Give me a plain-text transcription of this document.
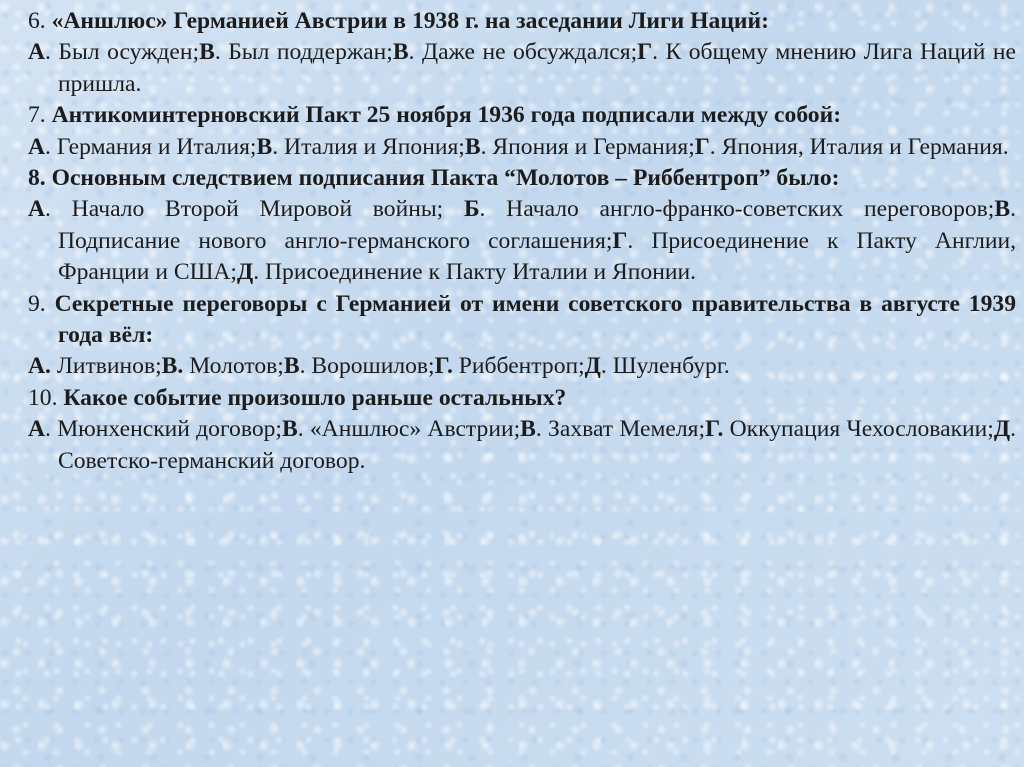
6. «Аншлюс» Германией Австрии в 1938 г. на заседании Лиги Наций:

А. Был осужден;В. Был поддержан;В. Даже не обсуждался;Г. К общему мнению Лига Наций не пришла.

7. Антикоминтерновский Пакт 25 ноября 1936 года подписали между собой:

А. Германия и Италия;В. Италия и Япония;В. Япония и Германия;Г. Япония, Италия и Германия.

8. Основным следствием подписания Пакта “Молотов – Риббентроп” было:

А. Начало Второй Мировой войны; Б. Начало англо-франко-советских переговоров;В. Подписание нового англо-германского соглашения;Г. Присоединение к Пакту Англии, Франции и США;Д. Присоединение к Пакту Италии и Японии.

9. Секретные переговоры с Германией от имени советского правительства в августе 1939 года вёл:

А. Литвинов;В. Молотов;В. Ворошилов;Г. Риббентроп;Д. Шуленбург.

10. Какое событие произошло раньше остальных?

А. Мюнхенский договор;В. «Аншлюс» Австрии;В. Захват Мемеля;Г. Оккупация Чехословакии;Д. Советско-германский договор.
